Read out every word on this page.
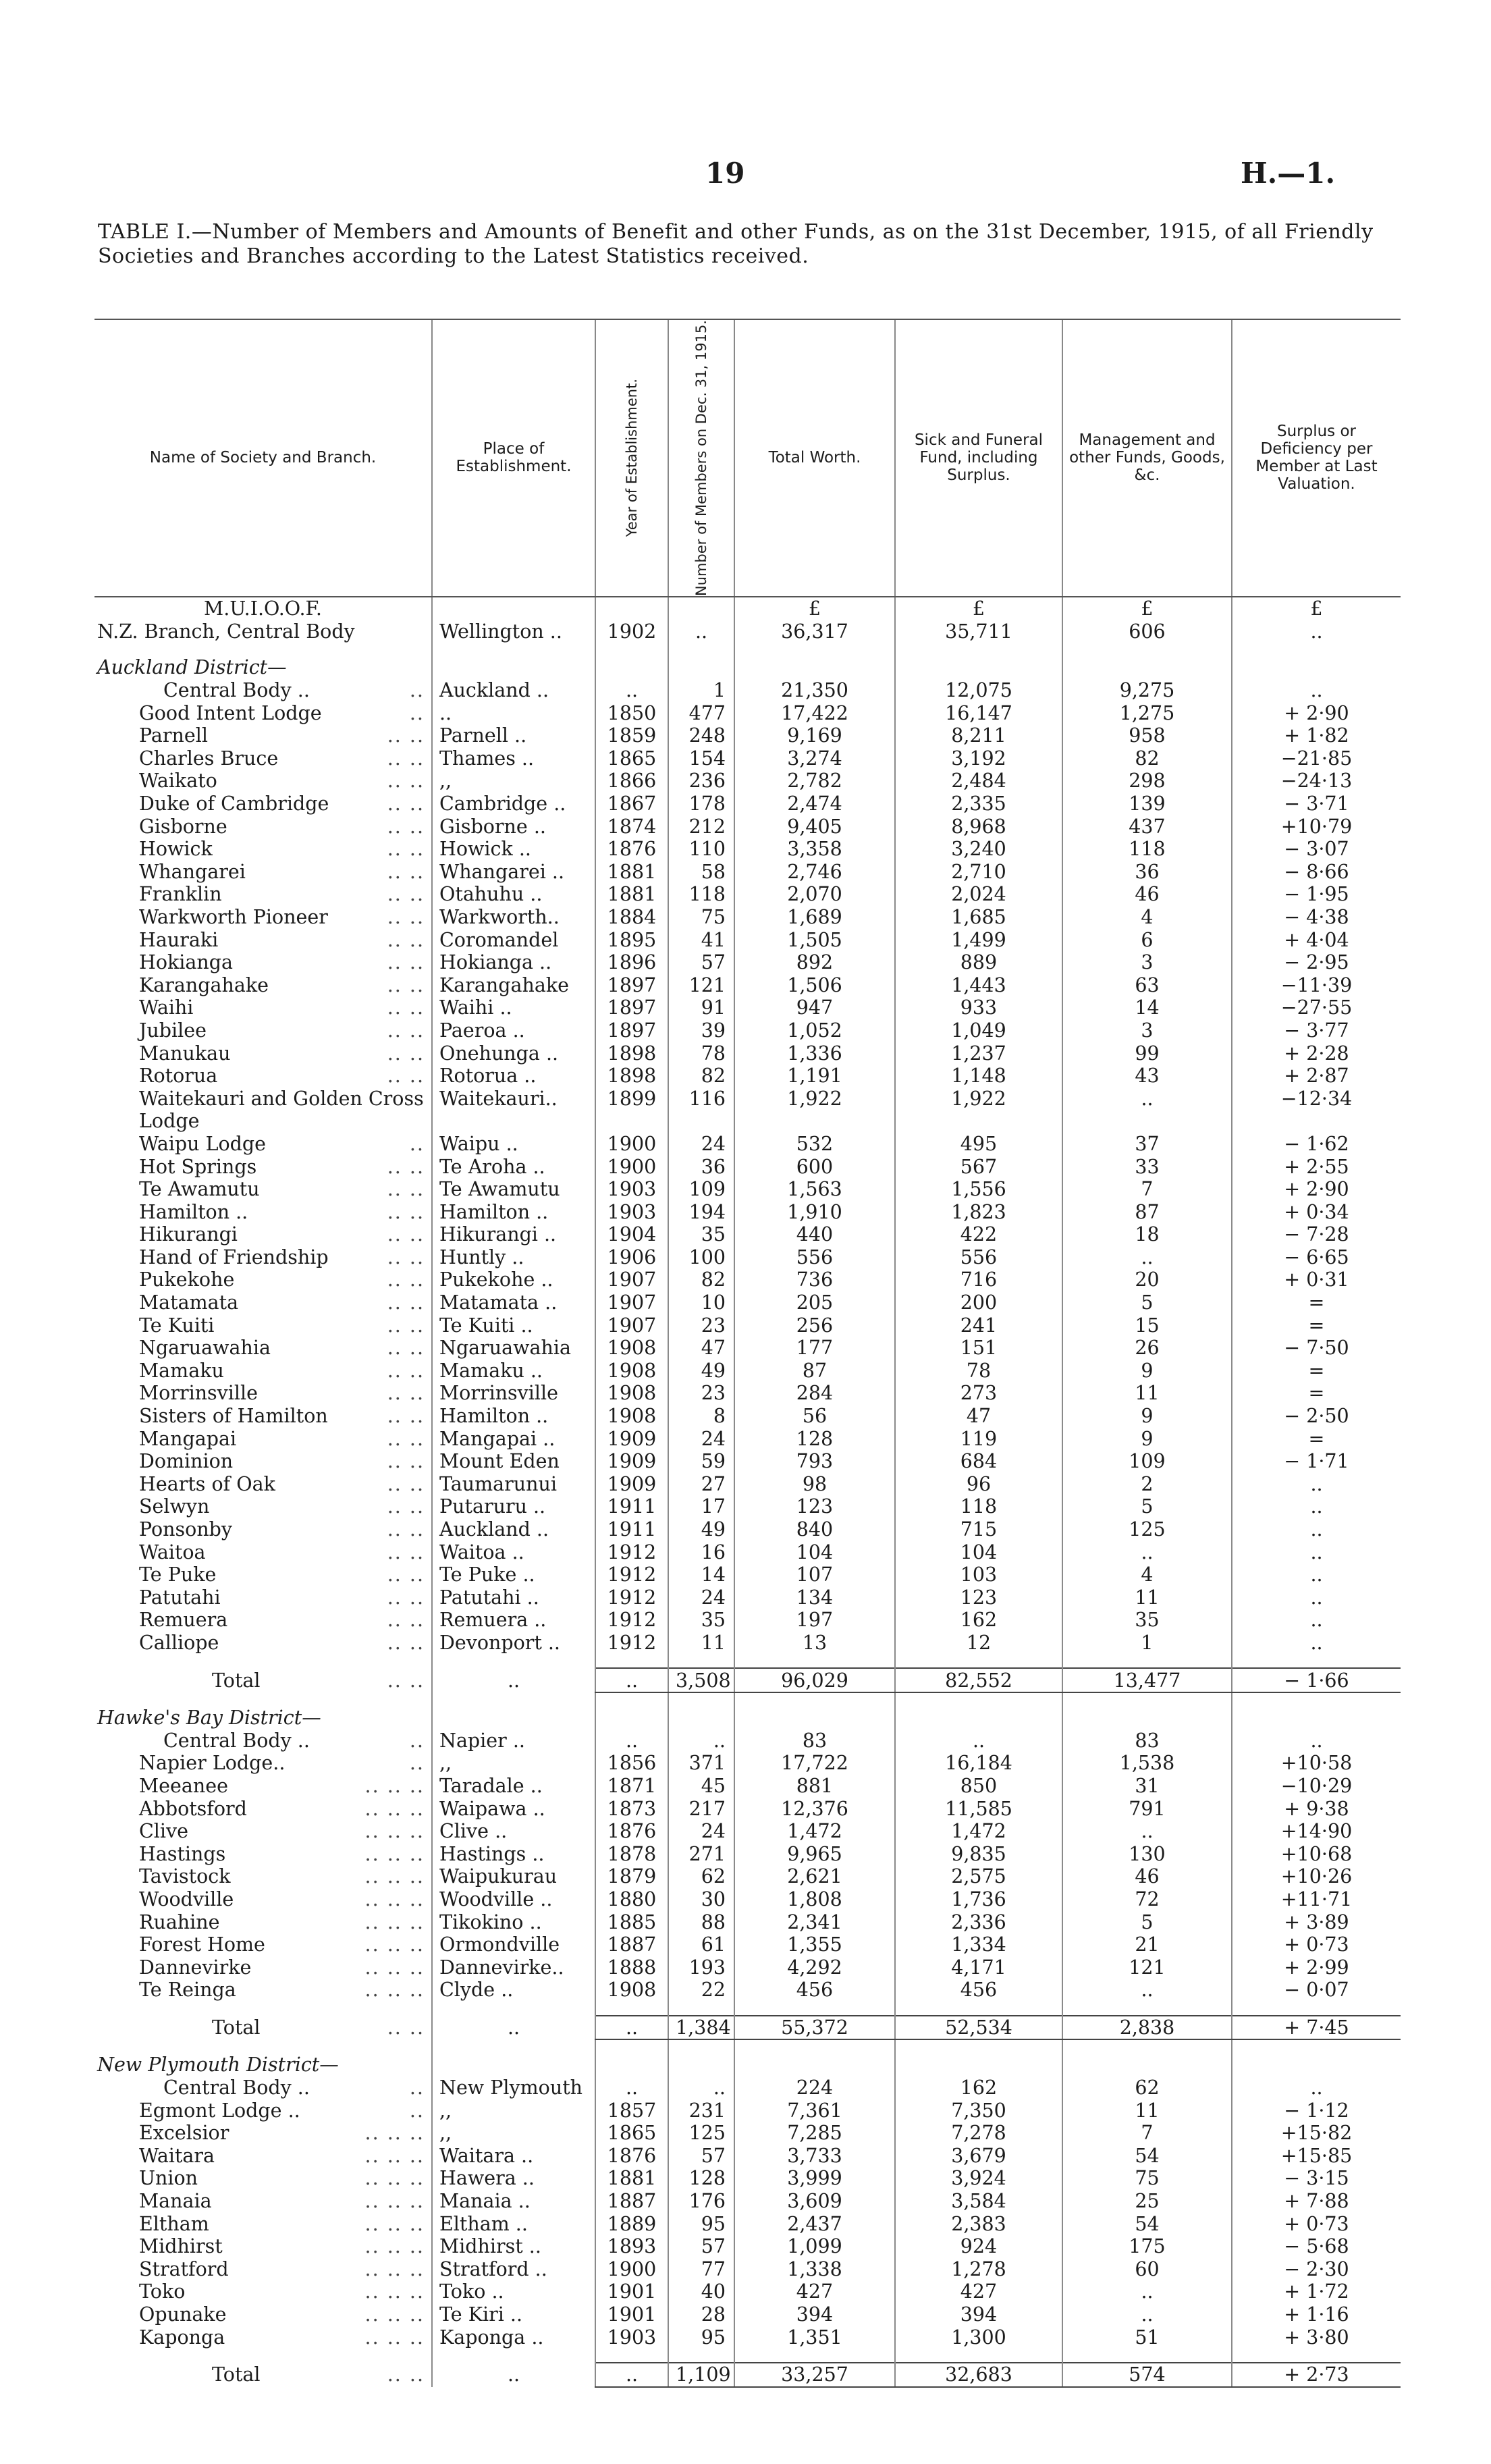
19	H.—1.

TABLE I.—Number of Members and Amounts of Benefit and other Funds, as on the 31st December, 1915, of all Friendly Societies and Branches according to the Latest Statistics received.

Name of Society and Branch.	Place of Establishment.	Year of Establishment.	Number of Members on Dec. 31, 1915.	Total Worth.	Sick and Funeral Fund, including Surplus.	Management and other Funds, Goods, &c.	Surplus or Deficiency per Member at Last Valuation.
M.U.I.O.O.F.				£	£	£	£
N.Z. Branch, Central Body	Wellington ..	1902	..	36,317	35,711	606	..

Auckland District—							

Central Body .. ..	Auckland ..	..	1	21,350	12,075	9,275	..

Good Intent Lodge ..	..	1850	477	17,422	16,147	1,275	+ 2·90

Parnell .. ..	Parnell ..	1859	248	9,169	8,211	958	+ 1·82

Charles Bruce .. ..	Thames ..	1865	154	3,274	3,192	82	−21·85

Waikato .. ..	,,	1866	236	2,782	2,484	298	−24·13

Duke of Cambridge .. ..	Cambridge ..	1867	178	2,474	2,335	139	− 3·71

Gisborne .. ..	Gisborne ..	1874	212	9,405	8,968	437	+10·79

Howick .. ..	Howick ..	1876	110	3,358	3,240	118	− 3·07

Whangarei .. ..	Whangarei ..	1881	58	2,746	2,710	36	− 8·66

Franklin .. ..	Otahuhu ..	1881	118	2,070	2,024	46	− 1·95

Warkworth Pioneer .. ..	Warkworth..	1884	75	1,689	1,685	4	− 4·38

Hauraki .. ..	Coromandel	1895	41	1,505	1,499	6	+ 4·04

Hokianga .. ..	Hokianga ..	1896	57	892	889	3	− 2·95

Karangahake .. ..	Karangahake	1897	121	1,506	1,443	63	−11·39

Waihi .. ..	Waihi ..	1897	91	947	933	14	−27·55

Jubilee .. ..	Paeroa ..	1897	39	1,052	1,049	3	− 3·77

Manukau .. ..	Onehunga ..	1898	78	1,336	1,237	99	+ 2·28

Rotorua .. ..	Rotorua ..	1898	82	1,191	1,148	43	+ 2·87

Waitekauri and Golden Cross	Waitekauri..	1899	116	1,922	1,922	..	−12·34

Lodge							

Waipu Lodge ..	Waipu ..	1900	24	532	495	37	− 1·62

Hot Springs .. ..	Te Aroha ..	1900	36	600	567	33	+ 2·55

Te Awamutu .. ..	Te Awamutu	1903	109	1,563	1,556	7	+ 2·90

Hamilton .. .. ..	Hamilton ..	1903	194	1,910	1,823	87	+ 0·34

Hikurangi .. ..	Hikurangi ..	1904	35	440	422	18	− 7·28

Hand of Friendship .. ..	Huntly ..	1906	100	556	556	..	− 6·65

Pukekohe .. ..	Pukekohe ..	1907	82	736	716	20	+ 0·31

Matamata .. ..	Matamata ..	1907	10	205	200	5	=

Te Kuiti .. ..	Te Kuiti ..	1907	23	256	241	15	=

Ngaruawahia .. ..	Ngaruawahia	1908	47	177	151	26	− 7·50

Mamaku .. ..	Mamaku ..	1908	49	87	78	9	=

Morrinsville .. ..	Morrinsville	1908	23	284	273	11	=

Sisters of Hamilton .. ..	Hamilton ..	1908	8	56	47	9	− 2·50

Mangapai .. ..	Mangapai ..	1909	24	128	119	9	=

Dominion .. ..	Mount Eden	1909	59	793	684	109	− 1·71

Hearts of Oak .. ..	Taumarunui	1909	27	98	96	2	..

Selwyn .. ..	Putaruru ..	1911	17	123	118	5	..

Ponsonby .. ..	Auckland ..	1911	49	840	715	125	..

Waitoa .. ..	Waitoa ..	1912	16	104	104	..	..

Te Puke .. ..	Te Puke ..	1912	14	107	103	4	..

Patutahi .. ..	Patutahi ..	1912	24	134	123	11	..

Remuera .. ..	Remuera ..	1912	35	197	162	35	..

Calliope .. ..	Devonport ..	1912	11	13	12	1	..

Total .. ..	..	..	3,508	96,029	82,552	13,477	− 1·66

Hawke's Bay District—							

Central Body .. ..	Napier ..	..	..	83	..	83	..

Napier Lodge.. ..	,,	1856	371	17,722	16,184	1,538	+10·58

Meeanee .. .. ..	Taradale ..	1871	45	881	850	31	−10·29

Abbotsford .. .. ..	Waipawa ..	1873	217	12,376	11,585	791	+ 9·38

Clive .. .. ..	Clive ..	1876	24	1,472	1,472	..	+14·90

Hastings .. .. ..	Hastings ..	1878	271	9,965	9,835	130	+10·68

Tavistock .. .. ..	Waipukurau	1879	62	2,621	2,575	46	+10·26

Woodville .. .. ..	Woodville ..	1880	30	1,808	1,736	72	+11·71

Ruahine .. .. ..	Tikokino ..	1885	88	2,341	2,336	5	+ 3·89

Forest Home .. .. ..	Ormondville	1887	61	1,355	1,334	21	+ 0·73

Dannevirke .. .. ..	Dannevirke..	1888	193	4,292	4,171	121	+ 2·99

Te Reinga .. .. ..	Clyde ..	1908	22	456	456	..	− 0·07

Total .. ..	..	..	1,384	55,372	52,534	2,838	+ 7·45

New Plymouth District—							

Central Body .. ..	New Plymouth	..	..	224	162	62	..

Egmont Lodge .. ..	,,	1857	231	7,361	7,350	11	− 1·12

Excelsior .. .. ..	,,	1865	125	7,285	7,278	7	+15·82

Waitara .. .. ..	Waitara ..	1876	57	3,733	3,679	54	+15·85

Union .. .. ..	Hawera ..	1881	128	3,999	3,924	75	− 3·15

Manaia .. .. ..	Manaia ..	1887	176	3,609	3,584	25	+ 7·88

Eltham .. .. ..	Eltham ..	1889	95	2,437	2,383	54	+ 0·73

Midhirst .. .. ..	Midhirst ..	1893	57	1,099	924	175	− 5·68

Stratford .. .. ..	Stratford ..	1900	77	1,338	1,278	60	− 2·30

Toko .. .. ..	Toko ..	1901	40	427	427	..	+ 1·72

Opunake .. .. ..	Te Kiri ..	1901	28	394	394	..	+ 1·16

Kaponga .. .. ..	Kaponga ..	1903	95	1,351	1,300	51	+ 3·80

Total .. ..	..	..	1,109	33,257	32,683	574	+ 2·73
